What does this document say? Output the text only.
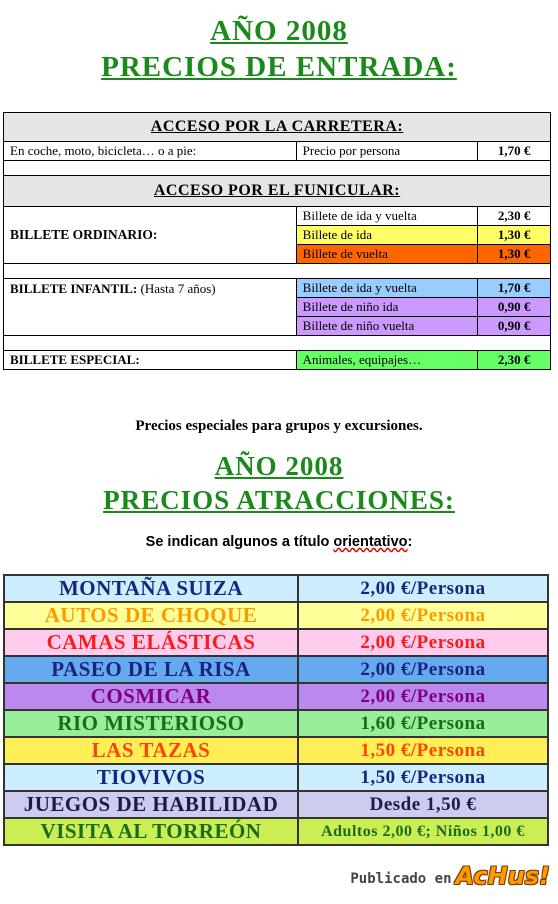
AÑO 2008
PRECIOS DE ENTRADA:
ACCESO POR LA CARRETERA:		
En coche, moto, bicicleta… o a pie:	Precio por persona	1,70 €

ACCESO POR EL FUNICULAR:		
BILLETE ORDINARIO:	Billete de ida y vuelta	2,30 €
	Billete de ida	1,30 €
	Billete de vuelta	1,30 €

BILLETE INFANTIL: (Hasta 7 años)	Billete de ida y vuelta	1,70 €
	Billete de niño ida	0,90 €
	Billete de niño vuelta	0,90 €

BILLETE ESPECIAL:	Animales, equipajes…	2,30 €
Precios especiales para grupos y excursiones.
AÑO 2008
PRECIOS ATRACCIONES:
Se indican algunos a título orientativo:
MONTAÑA SUIZA	2,00 €/Persona
AUTOS DE CHOQUE	2,00 €/Persona
CAMAS ELÁSTICAS	2,00 €/Persona
PASEO DE LA RISA	2,00 €/Persona
COSMICAR	2,00 €/Persona
RIO MISTERIOSO	1,60 €/Persona
LAS TAZAS	1,50 €/Persona
TIOVIVOS	1,50 €/Persona
JUEGOS DE HABILIDAD	Desde 1,50 €
VISITA AL TORREÓN	Adultos 2,00 €; Niños 1,00 €
Publicado en AcHus!
